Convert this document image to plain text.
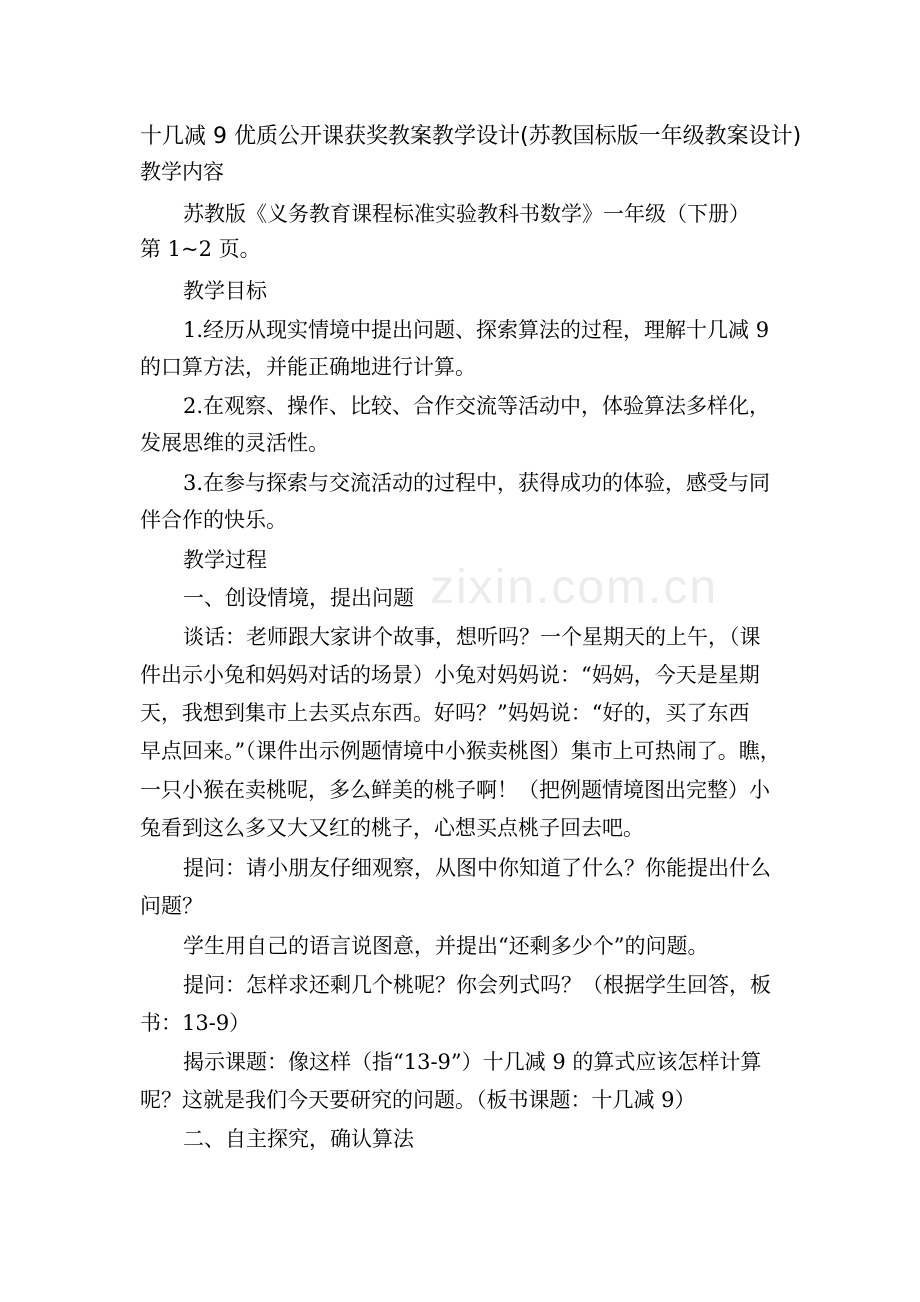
zixin.com.cn
十几减 9 优质公开课获奖教案教学设计(苏教国标版一年级教案设计)
教学内容
苏教版《义务教育课程标准实验教科书数学》一年级（下册）
第 1~2 页。
教学目标
1.经历从现实情境中提出问题、探索算法的过程，理解十几减 9
的口算方法，并能正确地进行计算。
2.在观察、操作、比较、合作交流等活动中，体验算法多样化，
发展思维的灵活性。
3.在参与探索与交流活动的过程中，获得成功的体验，感受与同
伴合作的快乐。
教学过程
一、创设情境，提出问题
谈话：老师跟大家讲个故事，想听吗？一个星期天的上午，（课
件出示小兔和妈妈对话的场景）小兔对妈妈说：“妈妈，今天是星期
天，我想到集市上去买点东西。好吗？”妈妈说：“好的，买了东西
早点回来。”（课件出示例题情境中小猴卖桃图）集市上可热闹了。瞧，
一只小猴在卖桃呢，多么鲜美的桃子啊！（把例题情境图出完整）小
兔看到这么多又大又红的桃子，心想买点桃子回去吧。
提问：请小朋友仔细观察，从图中你知道了什么？你能提出什么
问题？
学生用自己的语言说图意，并提出“还剩多少个”的问题。
提问：怎样求还剩几个桃呢？你会列式吗？（根据学生回答，板
书：13-9）
揭示课题：像这样（指“13-9”）十几减 9 的算式应该怎样计算
呢？这就是我们今天要研究的问题。（板书课题：十几减 9）
二、自主探究，确认算法
